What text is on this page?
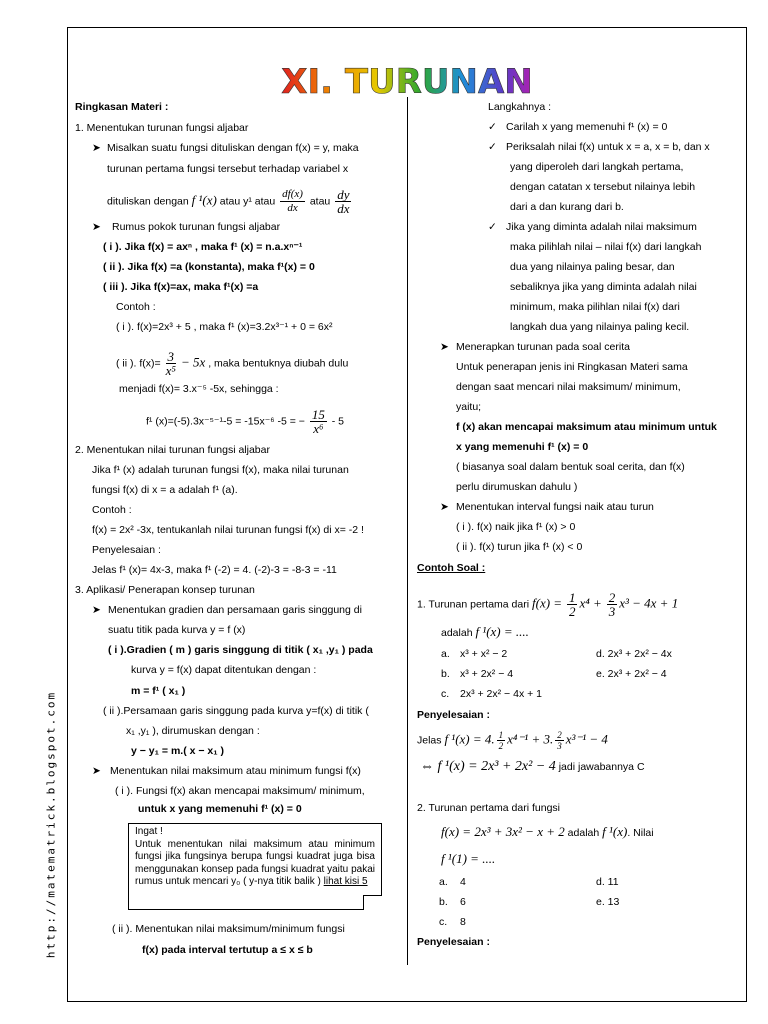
http://matematrick.blogspot.com
XI. TURUNAN
Ringkasan Materi :
1. Menentukan turunan fungsi aljabar
➤ Misalkan suatu fungsi dituliskan dengan f(x) = y, maka
turunan pertama fungsi tersebut terhadap variabel x
dituliskan dengan f ¹(x) atau y¹ atau $\frac{df(x)}{dx}$ atau $\frac{dy}{dx}$
➤ Rumus pokok turunan fungsi aljabar
( i ). Jika f(x) = axⁿ , maka f¹ (x) = n.a.xⁿ⁻¹
( ii ). Jika f(x) =a (konstanta), maka f¹(x) = 0
( iii ). Jika f(x)=ax, maka f¹(x) =a
Contoh :
( i ). f(x)=2x³ + 5 , maka f¹ (x)=3.2x³⁻¹ + 0 = 6x²
( ii ). $f(x)= \frac{3}{\text{x⁵}} - 5x$ , maka bentuknya diubah dulu
menjadi f(x)= 3.x⁻⁵ -5x, sehingga :
f¹ (x)=(-5).3x⁻⁵⁻¹-5 = -15x⁻⁶ -5 = − $\frac{15}{\text{x⁶}} - 5$
2. Menentukan nilai turunan fungsi aljabar
Jika f¹ (x) adalah turunan fungsi f(x), maka nilai turunan
fungsi f(x) di x = a adalah f¹ (a).
Contoh :
f(x) = 2x² -3x, tentukanlah nilai turunan fungsi f(x) di x= -2 !
Penyelesaian :
Jelas f¹ (x)= 4x-3, maka f¹ (-2) = 4. (-2)-3 = -8-3 = -11
3. Aplikasi/ Penerapan konsep turunan
➤ Menentukan gradien dan persamaan garis singgung di
suatu titik pada kurva y = f (x)
( i ).Gradien ( m ) garis singgung di titik ( x₁ ,y₁ ) pada
kurva y = f(x) dapat ditentukan dengan :
m = f¹ ( x₁ )
( ii ).Persamaan garis singgung pada kurva y=f(x) di titik (
x₁ ,y₁ ), dirumuskan dengan :
y − y₁ = m.( x − x₁ )
➤ Menentukan nilai maksimum atau minimum fungsi f(x)
( i ). Fungsi f(x) akan mencapai maksimum/ minimum,
untuk x yang memenuhi f¹ (x) = 0

Ingat !

Untuk menentukan nilai maksimum atau minimum fungsi jika fungsinya berupa fungsi kuadrat juga bisa menggunakan konsep pada fungsi kuadrat yaitu pakai rumus untuk mencari y₀ ( y-nya titik balik ) lihat kisi 5

( ii ). Menentukan nilai maksimum/minimum fungsi
f(x) pada interval tertutup a ≤ x ≤ b
Langkahnya :
✓ Carilah x yang memenuhi f¹ (x) = 0
✓ Periksalah nilai f(x) untuk x = a, x = b, dan x
yang diperoleh dari langkah pertama,
dengan catatan x tersebut nilainya lebih
dari a dan kurang dari b.
✓ Jika yang diminta adalah nilai maksimum
maka pilihlah nilai – nilai f(x) dari langkah
dua yang nilainya paling besar, dan
sebaliknya jika yang diminta adalah nilai
minimum, maka pilihlan nilai f(x) dari
langkah dua yang nilainya paling kecil.
➤ Menerapkan turunan pada soal cerita
Untuk penerapan jenis ini Ringkasan Materi sama
dengan saat mencari nilai maksimum/ minimum,
yaitu;
f (x) akan mencapai maksimum atau minimum untuk
x yang memenuhi f¹ (x) = 0
( biasanya soal dalam bentuk soal cerita, dan f(x)
perlu dirumuskan dahulu )
➤ Menentukan interval fungsi naik atau turun
( i ). f(x) naik jika f¹ (x) > 0
( ii ). f(x) turun jika f¹ (x) < 0
Contoh Soal :
1. Turunan pertama dari $f(x) = \frac{1}{2} x^4 + \frac{2}{3} x^3 - 4x + 1$
adalah f ¹(x) = ....
a. x³ + x² − 2
b. x³ + 2x² − 4
c. 2x³ + 2x² − 4x + 1
d. 2x³ + 2x² − 4x
e. 2x³ + 2x² − 4
Penyelesaian :
Jelas f ¹(x) = 4. $\frac{1}{2} x^{4-1} + 3$. $\frac{2}{3} x^{3-1} - 4$
⇔ f ¹(x) = 2x³ + 2x² − 4 jadi jawabannya C
2. Turunan pertama dari fungsi
f(x) = 2x³ + 3x² − x + 2 adalah f ¹(x). Nilai
f ¹(1) = ....
a. 4
b. 6
c. 8
d. 11
e. 13
Penyelesaian :
